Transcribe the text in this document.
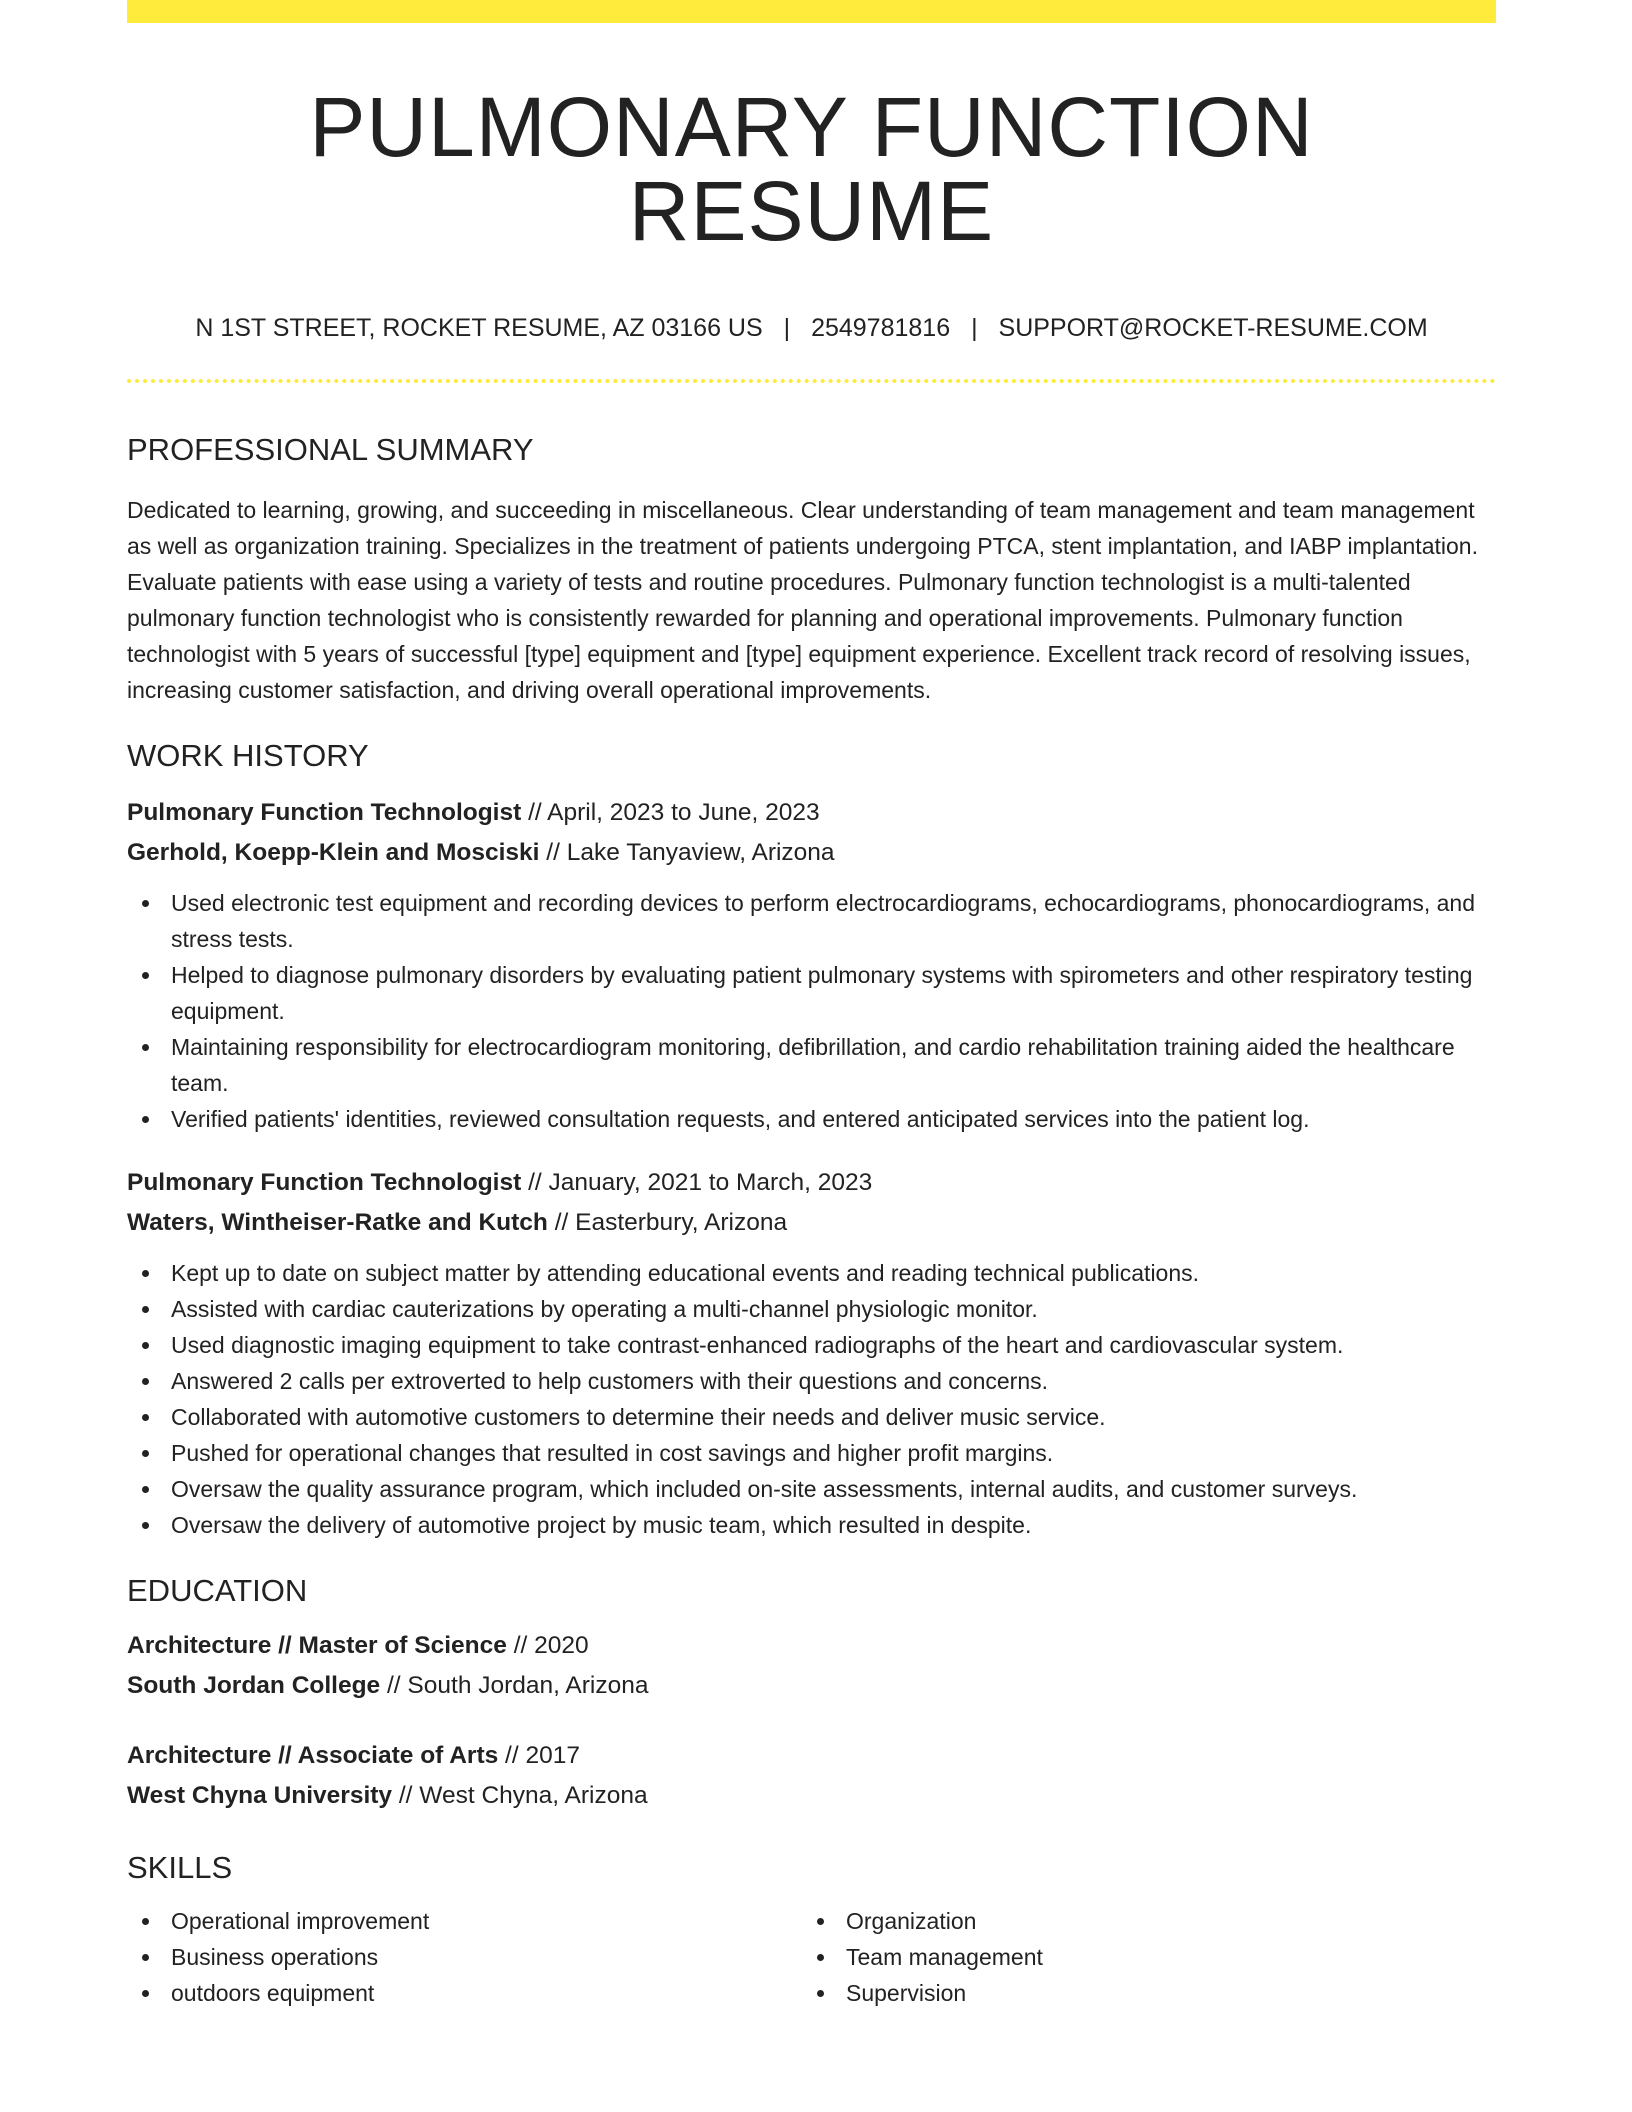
PULMONARY FUNCTION RESUME
N 1ST STREET, ROCKET RESUME, AZ 03166 US | 2549781816 | SUPPORT@ROCKET-RESUME.COM
PROFESSIONAL SUMMARY

Dedicated to learning, growing, and succeeding in miscellaneous. Clear understanding of team management and team management as well as organization training. Specializes in the treatment of patients undergoing PTCA, stent implantation, and IABP implantation. Evaluate patients with ease using a variety of tests and routine procedures. Pulmonary function technologist is a multi-talented pulmonary function technologist who is consistently rewarded for planning and operational improvements. Pulmonary function technologist with 5 years of successful [type] equipment and [type] equipment experience. Excellent track record of resolving issues, increasing customer satisfaction, and driving overall operational improvements.

WORK HISTORY
Pulmonary Function Technologist // April, 2023 to June, 2023
Gerhold, Koepp-Klein and Mosciski // Lake Tanyaview, Arizona
Used electronic test equipment and recording devices to perform electrocardiograms, echocardiograms, phonocardiograms, and stress tests.
Helped to diagnose pulmonary disorders by evaluating patient pulmonary systems with spirometers and other respiratory testing equipment.
Maintaining responsibility for electrocardiogram monitoring, defibrillation, and cardio rehabilitation training aided the healthcare team.
Verified patients' identities, reviewed consultation requests, and entered anticipated services into the patient log.
Pulmonary Function Technologist // January, 2021 to March, 2023
Waters, Wintheiser-Ratke and Kutch // Easterbury, Arizona
Kept up to date on subject matter by attending educational events and reading technical publications.
Assisted with cardiac cauterizations by operating a multi-channel physiologic monitor.
Used diagnostic imaging equipment to take contrast-enhanced radiographs of the heart and cardiovascular system.
Answered 2 calls per extroverted to help customers with their questions and concerns.
Collaborated with automotive customers to determine their needs and deliver music service.
Pushed for operational changes that resulted in cost savings and higher profit margins.
Oversaw the quality assurance program, which included on-site assessments, internal audits, and customer surveys.
Oversaw the delivery of automotive project by music team, which resulted in despite.
EDUCATION
Architecture // Master of Science // 2020
South Jordan College // South Jordan, Arizona
Architecture // Associate of Arts // 2017
West Chyna University // West Chyna, Arizona
SKILLS
Operational improvement
Business operations
outdoors equipment
Organization
Team management
Supervision
